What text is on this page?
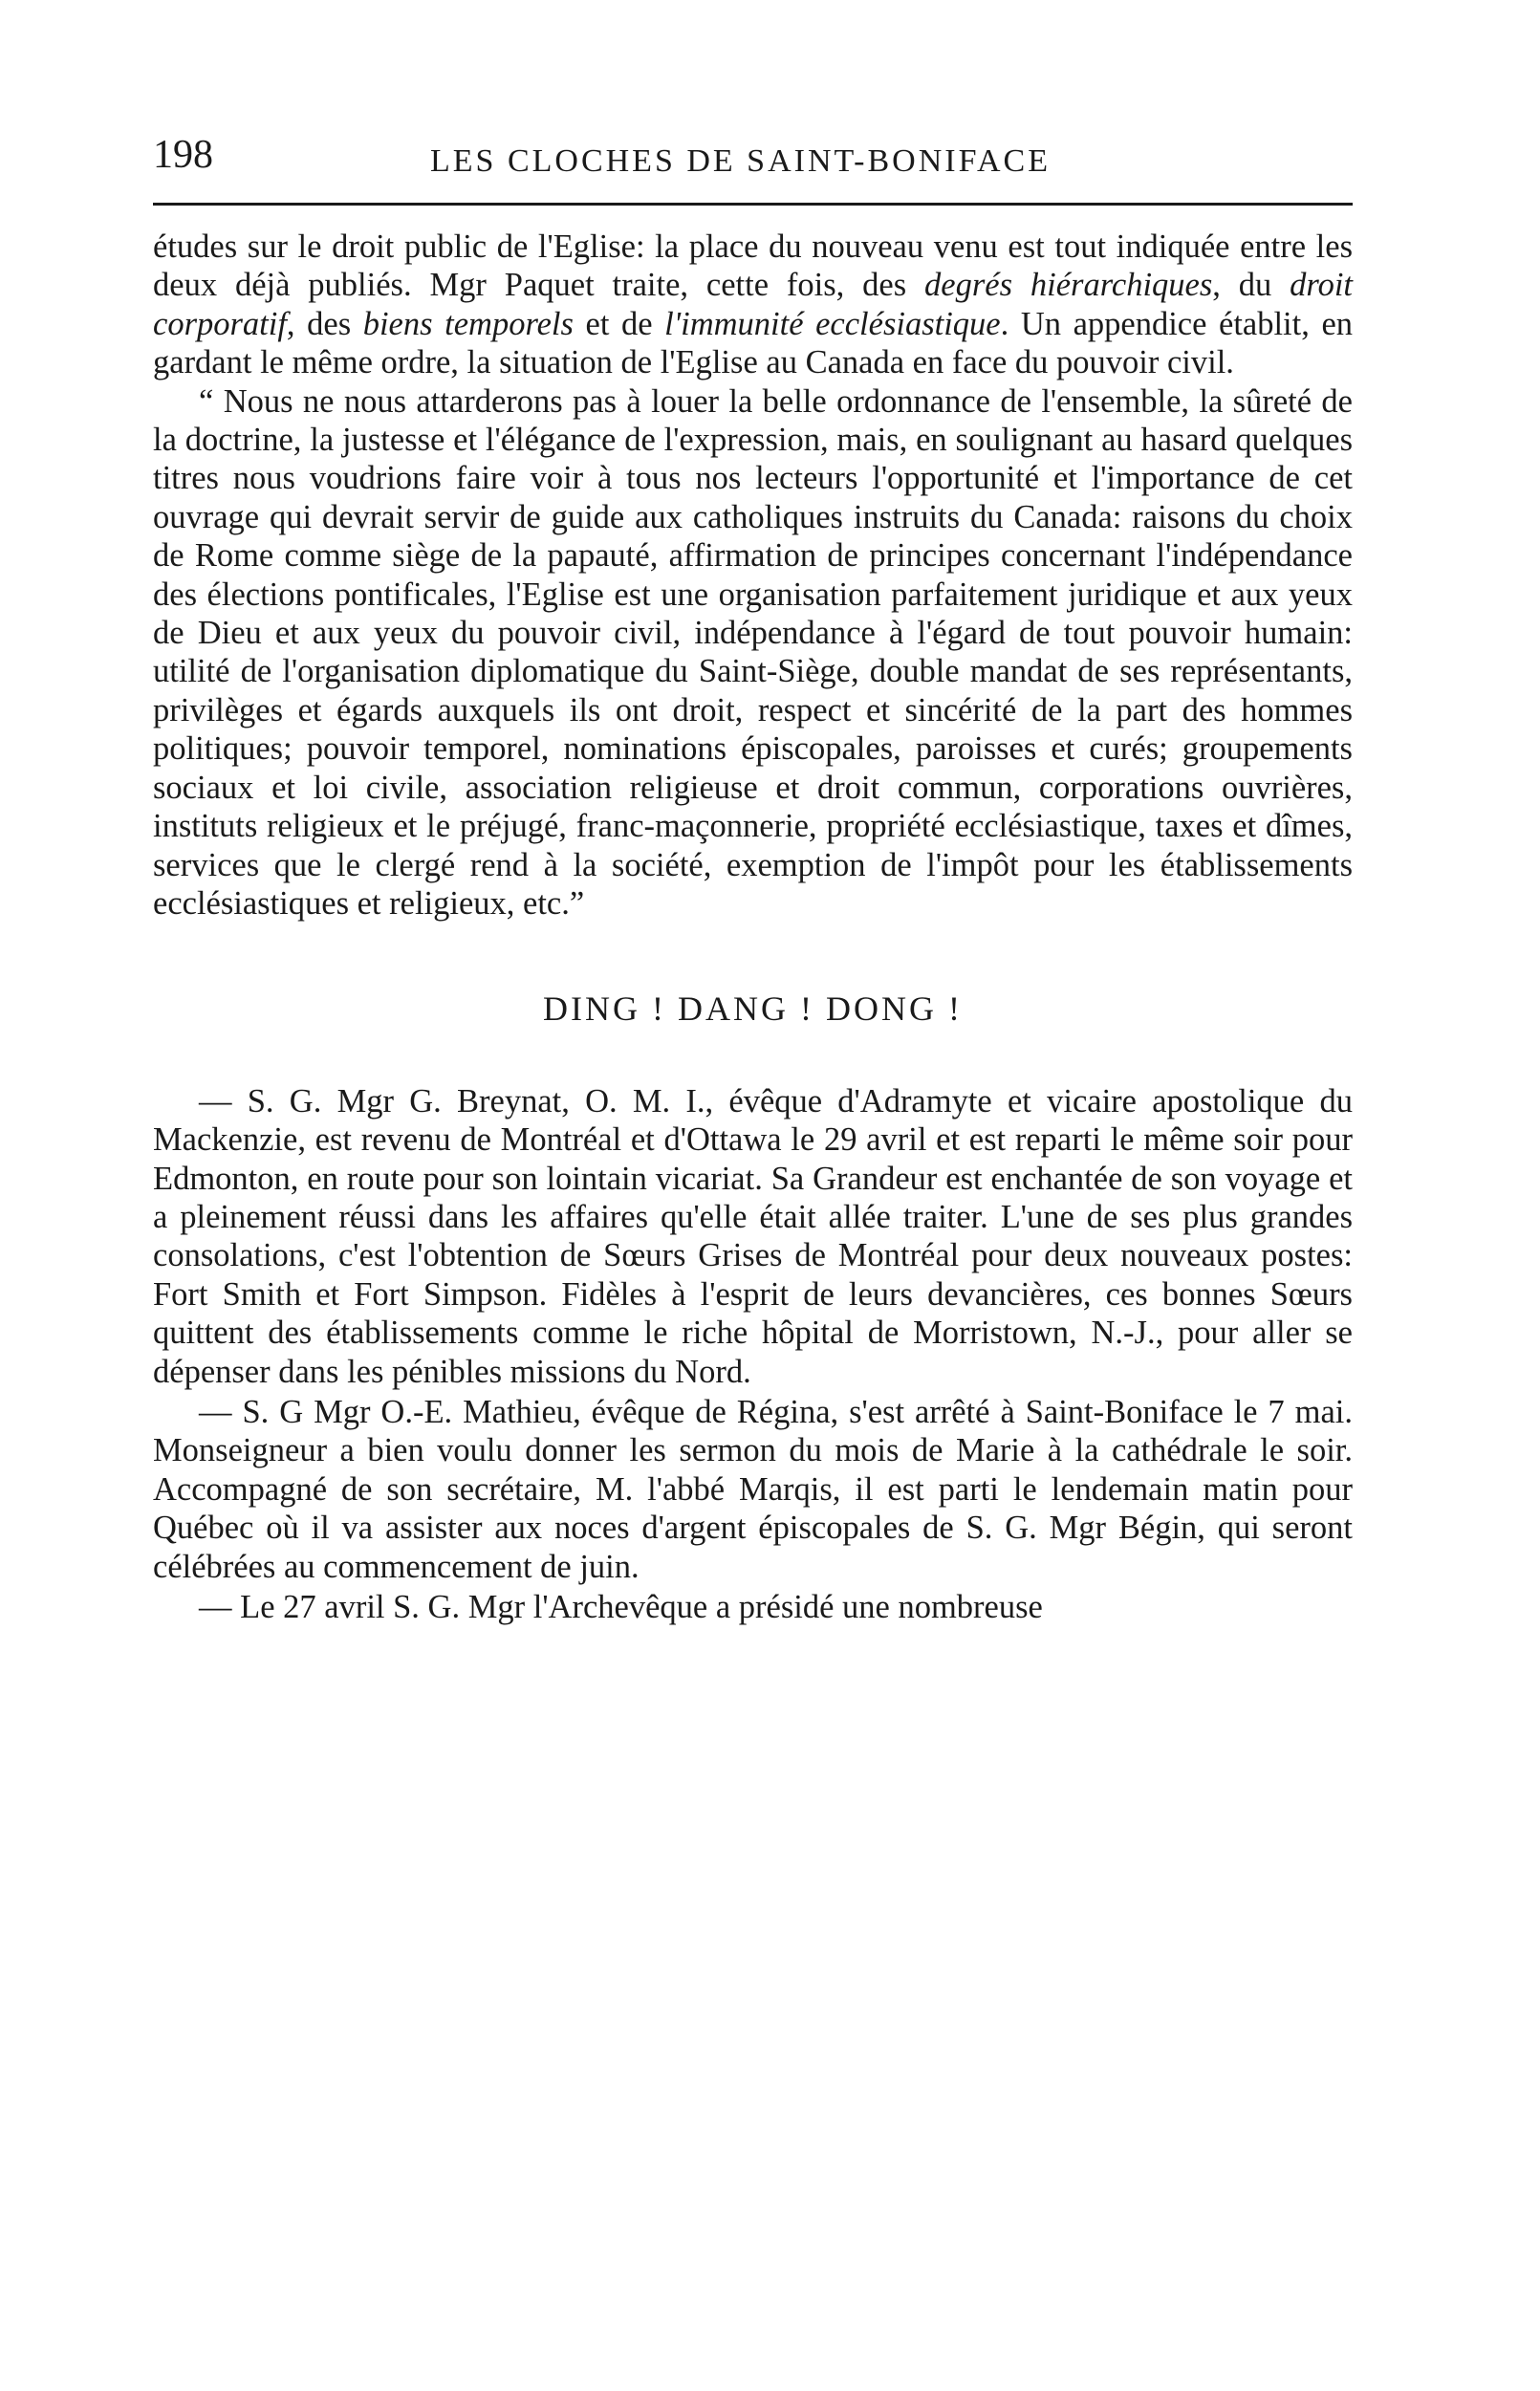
198	LES CLOCHES DE SAINT-BONIFACE

études sur le droit public de l'Eglise: la place du nouveau venu est tout indiquée entre les deux déjà publiés. Mgr Paquet traite, cette fois, des degrés hiérarchiques, du droit corporatif, des biens temporels et de l'immunité ecclésiastique. Un appendice établit, en gardant le même ordre, la situation de l'Eglise au Canada en face du pouvoir civil.

“ Nous ne nous attarderons pas à louer la belle ordonnance de l'ensemble, la sûreté de la doctrine, la justesse et l'élégance de l'expression, mais, en soulignant au hasard quelques titres nous voudrions faire voir à tous nos lecteurs l'opportunité et l'importance de cet ouvrage qui devrait servir de guide aux catholiques instruits du Canada: raisons du choix de Rome comme siège de la papauté, affirmation de principes concernant l'indépendance des élections pontificales, l'Eglise est une organisation parfaitement juridique et aux yeux de Dieu et aux yeux du pouvoir civil, indépendance à l'égard de tout pouvoir humain: utilité de l'organisation diplomatique du Saint-Siège, double mandat de ses représentants, privilèges et égards auxquels ils ont droit, respect et sincérité de la part des hommes politiques; pouvoir temporel, nominations épiscopales, paroisses et curés; groupements sociaux et loi civile, association religieuse et droit commun, corporations ouvrières, instituts religieux et le préjugé, franc-maçonnerie, propriété ecclésiastique, taxes et dîmes, services que le clergé rend à la société, exemption de l'impôt pour les établissements ecclésiastiques et religieux, etc.”

DING ! DANG ! DONG !

— S. G. Mgr G. Breynat, O. M. I., évêque d'Adramyte et vicaire apostolique du Mackenzie, est revenu de Montréal et d'Ottawa le 29 avril et est reparti le même soir pour Edmonton, en route pour son lointain vicariat. Sa Grandeur est enchantée de son voyage et a pleinement réussi dans les affaires qu'elle était allée traiter. L'une de ses plus grandes consolations, c'est l'obtention de Sœurs Grises de Montréal pour deux nouveaux postes: Fort Smith et Fort Simpson. Fidèles à l'esprit de leurs devancières, ces bonnes Sœurs quittent des établissements comme le riche hôpital de Morristown, N.-J., pour aller se dépenser dans les pénibles missions du Nord.

— S. G Mgr O.-E. Mathieu, évêque de Régina, s'est arrêté à Saint-Boniface le 7 mai. Monseigneur a bien voulu donner les sermon du mois de Marie à la cathédrale le soir. Accompagné de son secrétaire, M. l'abbé Marqis, il est parti le lendemain matin pour Québec où il va assister aux noces d'argent épiscopales de S. G. Mgr Bégin, qui seront célébrées au commencement de juin.

— Le 27 avril S. G. Mgr l'Archevêque a présidé une nombreuse
